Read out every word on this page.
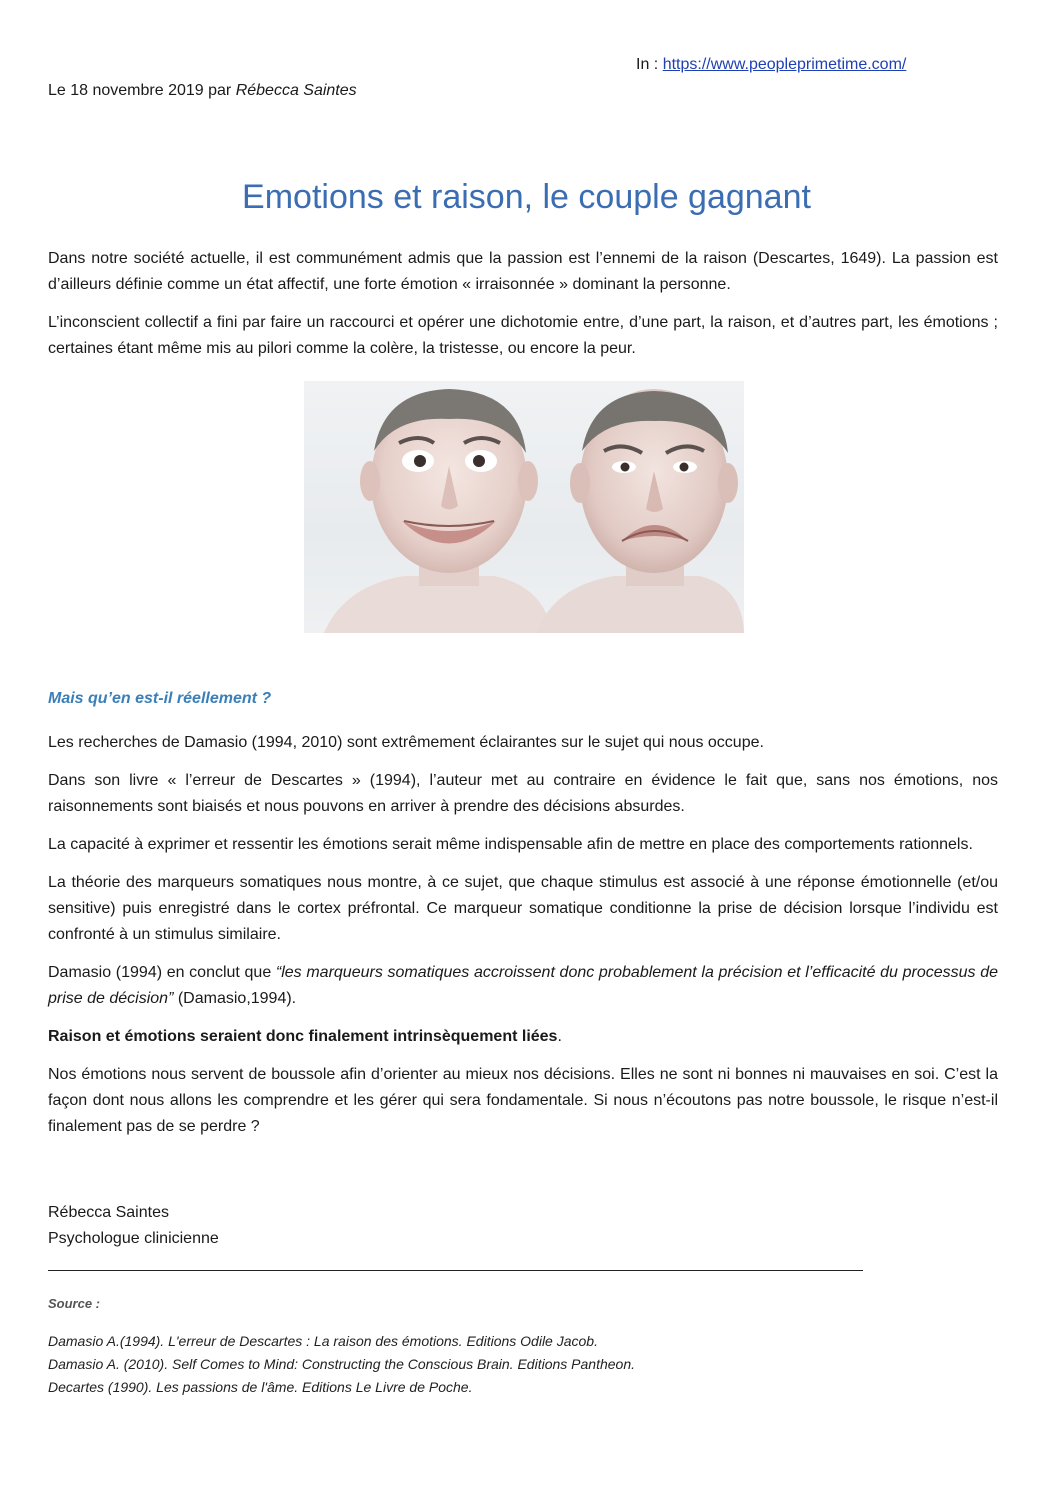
In : https://www.peopleprimetime.com/
Le 18 novembre 2019 par Rébecca Saintes
Emotions et raison, le couple gagnant

Dans notre société actuelle, il est communément admis que la passion est l’ennemi de la raison (Descartes, 1649). La passion est d’ailleurs définie comme un état affectif, une forte émotion « irraisonnée » dominant la personne.

L’inconscient collectif a fini par faire un raccourci et opérer une dichotomie entre, d’une part, la raison, et d’autres part, les émotions ; certaines étant même mis au pilori comme la colère, la tristesse, ou encore la peur.

Mais qu’en est-il réellement ?

Les recherches de Damasio (1994, 2010) sont extrêmement éclairantes sur le sujet qui nous occupe.

Dans son livre « l’erreur de Descartes » (1994), l’auteur met au contraire en évidence le fait que, sans nos émotions, nos raisonnements sont biaisés et nous pouvons en arriver à prendre des décisions absurdes.

La capacité à exprimer et ressentir les émotions serait même indispensable afin de mettre en place des comportements rationnels.

La théorie des marqueurs somatiques nous montre, à ce sujet, que chaque stimulus est associé à une réponse émotionnelle (et/ou sensitive) puis enregistré dans le cortex préfrontal. Ce marqueur somatique conditionne la prise de décision lorsque l’individu est confronté à un stimulus similaire.

Damasio (1994) en conclut que “les marqueurs somatiques accroissent donc probablement la précision et l’efficacité du processus de prise de décision” (Damasio,1994).

Raison et émotions seraient donc finalement intrinsèquement liées.

Nos émotions nous servent de boussole afin d’orienter au mieux nos décisions. Elles ne sont ni bonnes ni mauvaises en soi. C’est la façon dont nous allons les comprendre et les gérer qui sera fondamentale. Si nous n’écoutons pas notre boussole, le risque n’est-il finalement pas de se perdre ?

Rébecca Saintes
Psychologue clinicienne
Source :
Damasio A.(1994). L'erreur de Descartes : La raison des émotions. Editions Odile Jacob.
Damasio A. (2010). Self Comes to Mind: Constructing the Conscious Brain. Editions Pantheon.
Decartes (1990). Les passions de l'âme. Editions Le Livre de Poche.
